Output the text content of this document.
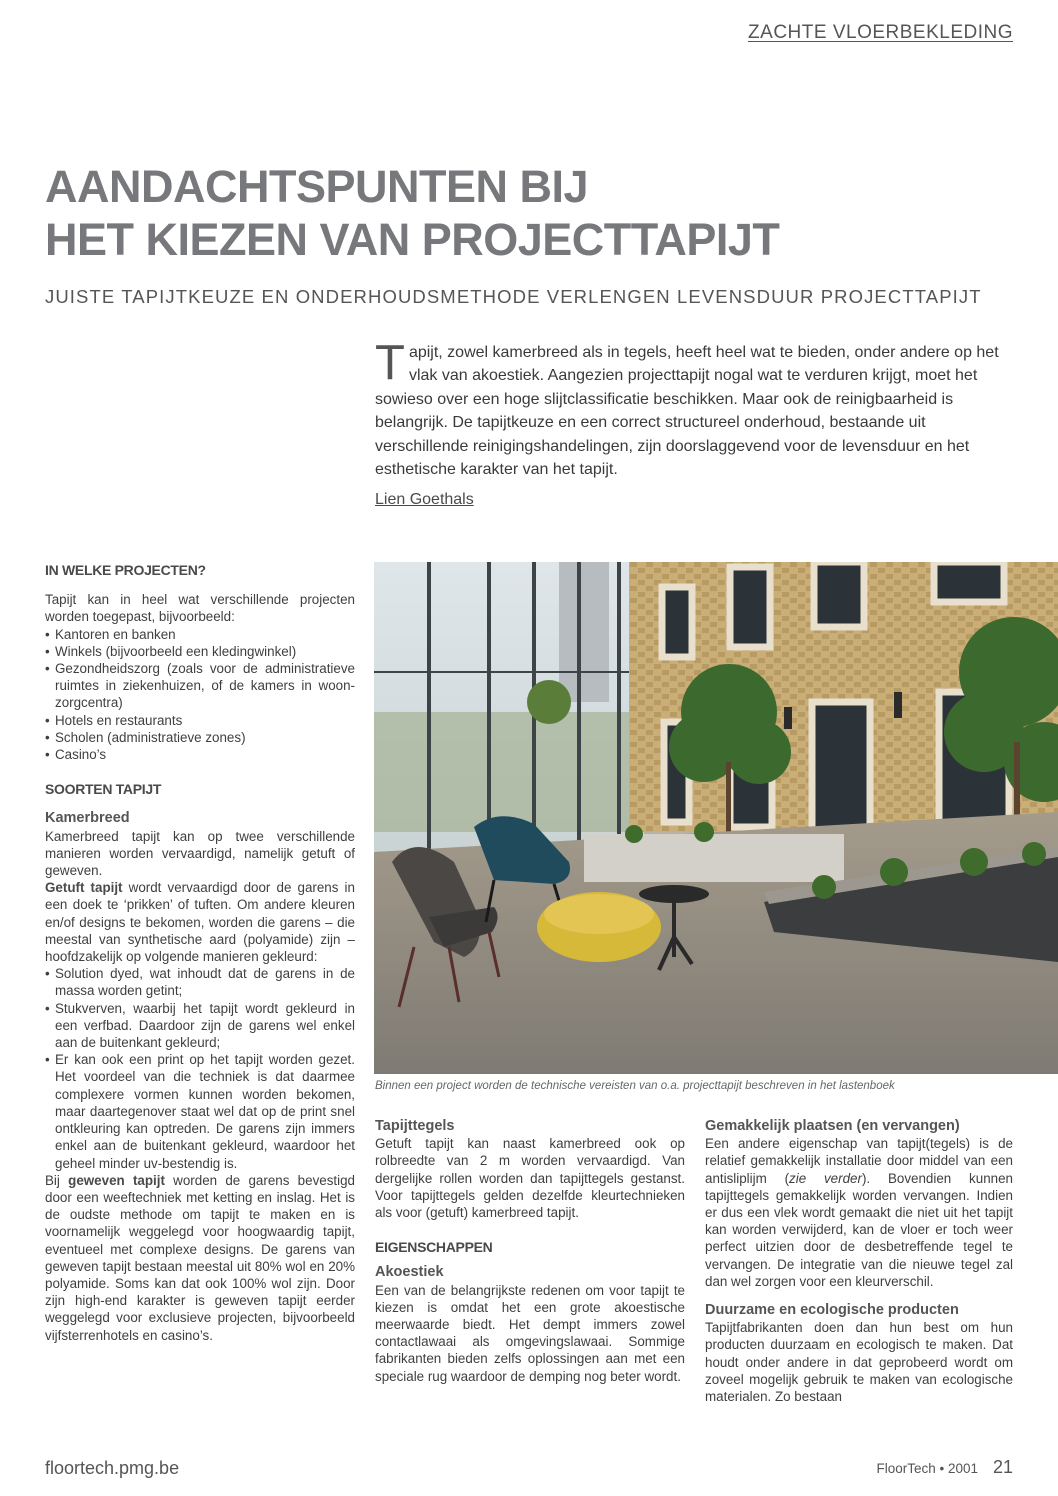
ZACHTE VLOERBEKLEDING
AANDACHTSPUNTEN BIJ
HET KIEZEN VAN PROJECTTAPIJT
JUISTE TAPIJTKEUZE EN ONDERHOUDSMETHODE VERLENGEN LEVENSDUUR PROJECTTAPIJT

Tapijt, zowel kamerbreed als in tegels, heeft heel wat te bieden, onder andere op het vlak van akoestiek. Aangezien projecttapijt nogal wat te verduren krijgt, moet het sowieso over een hoge slijtclassificatie beschikken. Maar ook de reinigbaarheid is belangrijk. De tapijtkeuze en een correct structureel onderhoud, bestaande uit verschillende reinigingshandelingen, zijn doorslaggevend voor de levensduur en het esthetische karakter van het tapijt.

Lien Goethals
IN WELKE PROJECTEN?

Tapijt kan in heel wat verschillende projecten worden toegepast, bijvoorbeeld:

• Kantoren en banken
• Winkels (bijvoorbeeld een kledingwinkel)
• Gezondheidszorg (zoals voor de administratieve ruimtes in ziekenhuizen, of de kamers in woon-zorgcentra)
• Hotels en restaurants
• Scholen (administratieve zones)
• Casino’s
SOORTEN TAPIJT
Kamerbreed

Kamerbreed tapijt kan op twee verschillende manieren worden vervaardigd, namelijk getuft of geweven.

Getuft tapijt wordt vervaardigd door de garens in een doek te ‘prikken’ of tuften. Om andere kleuren en/of designs te bekomen, worden die garens – die meestal van synthetische aard (polyamide) zijn – hoofdzakelijk op volgende manieren gekleurd:

• Solution dyed, wat inhoudt dat de garens in de massa worden getint;
• Stukverven, waarbij het tapijt wordt gekleurd in een verfbad. Daardoor zijn de garens wel enkel aan de buitenkant gekleurd;
• Er kan ook een print op het tapijt worden gezet. Het voordeel van die techniek is dat daarmee complexere vormen kunnen worden bekomen, maar daartegenover staat wel dat op de print snel ontkleuring kan optreden. De garens zijn immers enkel aan de buitenkant gekleurd, waardoor het geheel minder uv-bestendig is.

Bij geweven tapijt worden de garens bevestigd door een weeftechniek met ketting en inslag. Het is de oudste methode om tapijt te maken en is voornamelijk weggelegd voor hoogwaardig tapijt, eventueel met complexe designs. De garens van geweven tapijt bestaan meestal uit 80% wol en 20% polyamide. Soms kan dat ook 100% wol zijn. Door zijn high-end karakter is geweven tapijt eerder weggelegd voor exclusieve projecten, bijvoorbeeld vijfsterrenhotels en casino’s.

Binnen een project worden de technische vereisten van o.a. projecttapijt beschreven in het lastenboek
Tapijttegels

Getuft tapijt kan naast kamerbreed ook op rolbreedte van 2 m worden vervaardigd. Van dergelijke rollen worden dan tapijttegels gestanst. Voor tapijttegels gelden dezelfde kleurtechnieken als voor (getuft) kamerbreed tapijt.

EIGENSCHAPPEN
Akoestiek

Een van de belangrijkste redenen om voor tapijt te kiezen is omdat het een grote akoestische meerwaarde biedt. Het dempt immers zowel contactlawaai als omgevingslawaai. Sommige fabrikanten bieden zelfs oplossingen aan met een speciale rug waardoor de demping nog beter wordt.

Gemakkelijk plaatsen (en vervangen)

Een andere eigenschap van tapijt(tegels) is de relatief gemakkelijk installatie door middel van een antisliplijm (zie verder). Bovendien kunnen tapijttegels gemakkelijk worden vervangen. Indien er dus een vlek wordt gemaakt die niet uit het tapijt kan worden verwijderd, kan de vloer er toch weer perfect uitzien door de desbetreffende tegel te vervangen. De integratie van die nieuwe tegel zal dan wel zorgen voor een kleurverschil.

Duurzame en ecologische producten

Tapijtfabrikanten doen dan hun best om hun producten duurzaam en ecologisch te maken. Dat houdt onder andere in dat geprobeerd wordt om zoveel mogelijk gebruik te maken van ecologische materialen. Zo bestaan

floortech.pmg.be	FloorTech • 2001 21
